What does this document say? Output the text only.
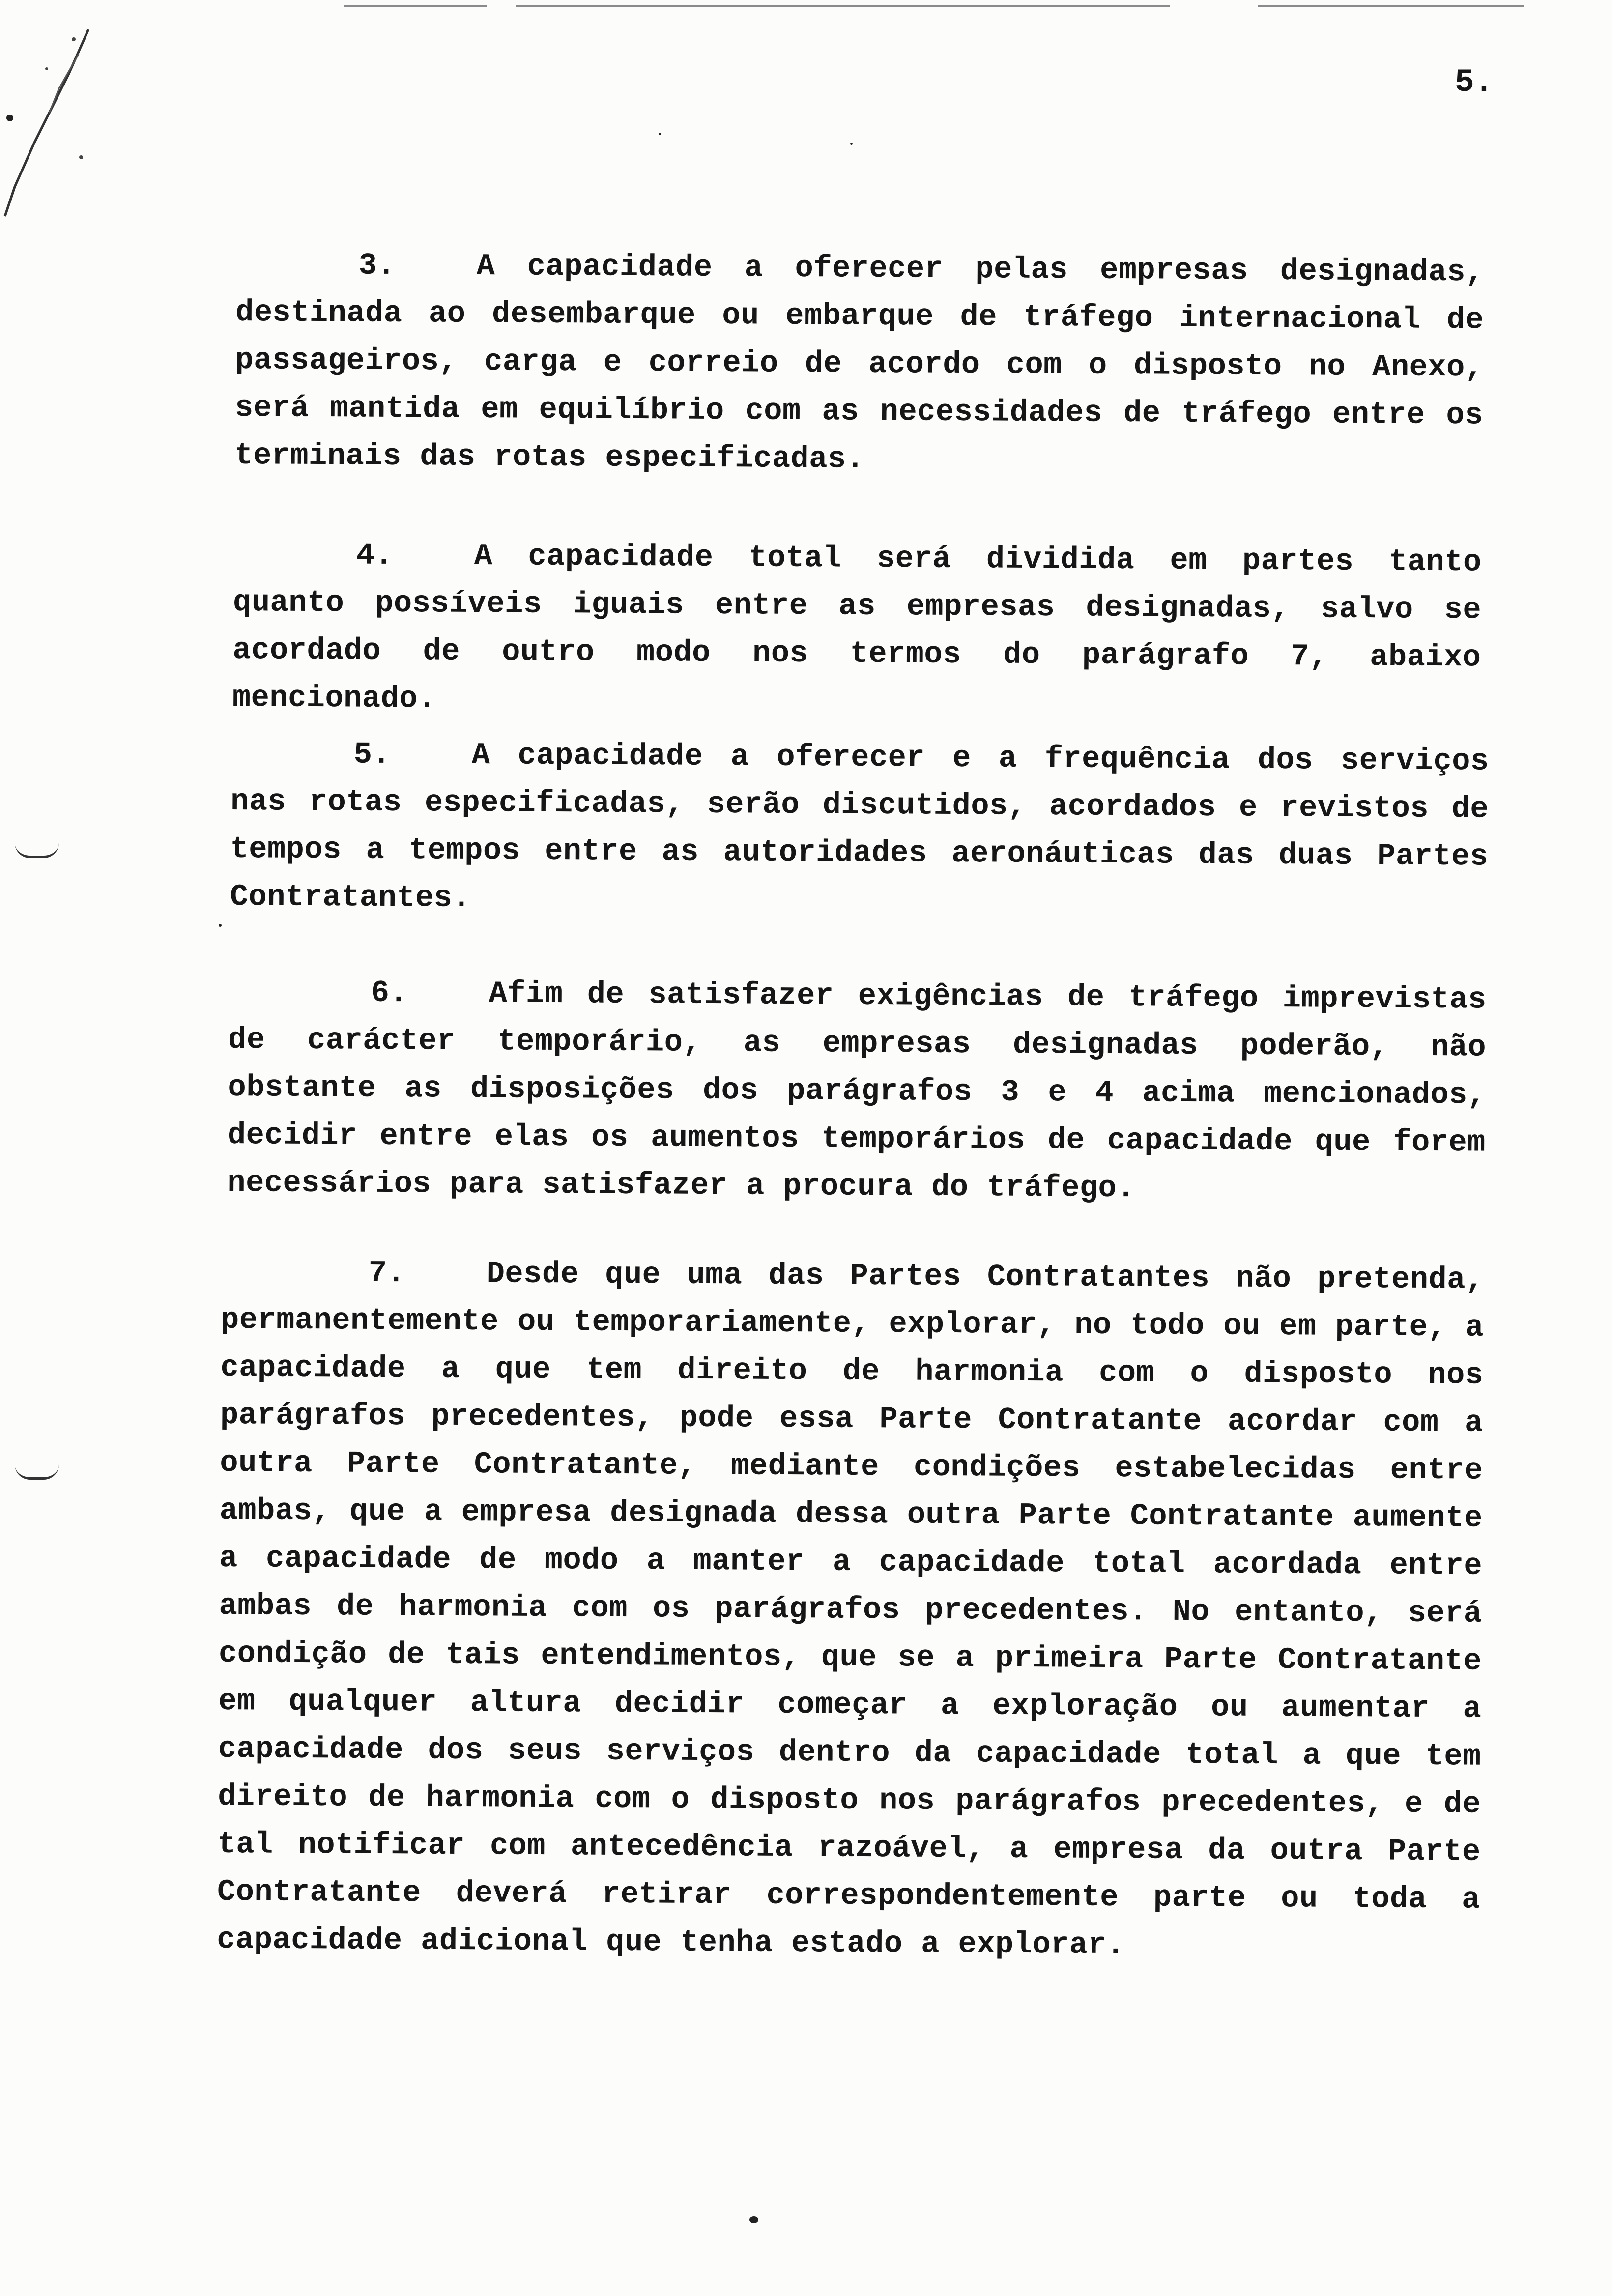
5.

3.	A capacidade a oferecer pelas empresas designadas, destinada ao desembarque ou embarque de tráfego internacional de passageiros, carga e correio de acordo com o disposto no Anexo, será mantida em equilíbrio com as necessidades de tráfego entre os terminais das rotas especificadas.

4.	A capacidade total será dividida em partes tanto quanto possíveis iguais entre as empresas designadas, salvo se acordado de outro modo nos termos do parágrafo 7, abaixo mencionado.

5.	A capacidade a oferecer e a frequência dos serviços nas rotas especificadas, serão discutidos, acordados e revistos de tempos a tempos entre as autoridades aeronáuticas das duas Partes Contratantes.

6.	Afim de satisfazer exigências de tráfego imprevistas de carácter temporário, as empresas designadas poderão, não obstante as disposições dos parágrafos 3 e 4 acima mencionados, decidir entre elas os aumentos temporários de capacidade que forem necessários para satisfazer a procura do tráfego.

7.	Desde que uma das Partes Contratantes não pretenda, permanentemente ou temporariamente, explorar, no todo ou em parte, a capacidade a que tem direito de harmonia com o disposto nos parágrafos precedentes, pode essa Parte Contratante acordar com a outra Parte Contratante, mediante condições estabelecidas entre ambas, que a empresa designada dessa outra Parte Contratante aumente a capacidade de modo a manter a capacidade total acordada entre ambas de harmonia com os parágrafos precedentes. No entanto, será condição de tais entendimentos, que se a primeira Parte Contratante em qualquer altura decidir começar a exploração ou aumentar a capacidade dos seus serviços dentro da capacidade total a que tem direito de harmonia com o disposto nos parágrafos precedentes, e de tal notificar com antecedência razoável, a empresa da outra Parte Contratante deverá retirar correspondentemente parte ou toda a capacidade adicional que tenha estado a explorar.
